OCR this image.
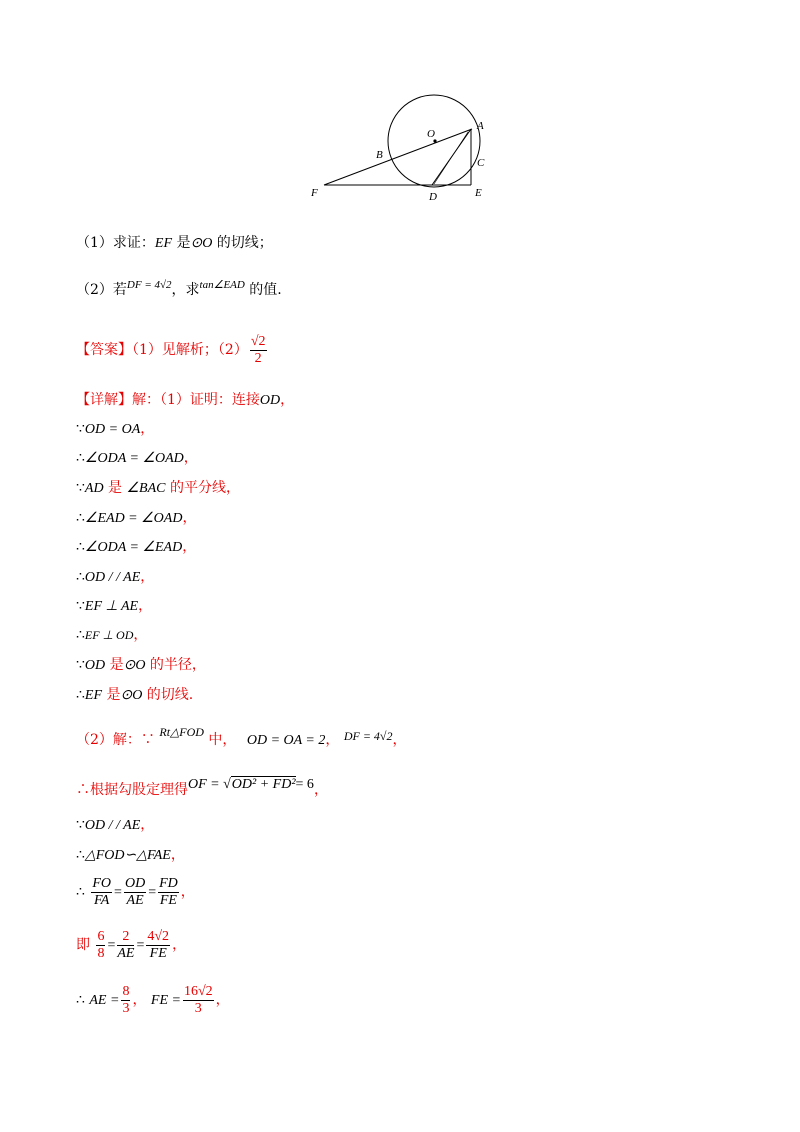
O
A
B
C
D	E
F
（1）求证：EF 是⊙O 的切线；
（2）若$^{DF = 4√2}$，求$^{tan\angle EAD}$ 的值.
【答案】（1）见解析；$(2) \frac{√2}{2}$
【详解】解：（1）证明：连接OD，
∵OD = OA，
∴∠ODA = ∠OAD，
∵AD 是 ∠BAC 的平分线，
∴∠EAD = ∠OAD，
∴∠ODA = ∠EAD，
∴OD / / AE，
∵EF ⊥ AE，
∴EF ⊥ OD，
∵OD 是⊙O 的半径，
∴EF 是⊙O 的切线.
（2）解：∵ Rt△FOD 中， OD = OA = 2， DF = 4√2，
∴根据勾股定理得OF = √OD² + FD²= 6，
∵OD / / AE，
∴△FOD∽△FAE，
∴ $\frac{FO}{FA} = \frac{OD}{AE} = \frac{FD}{FE}$ ，
即 $\frac{6}{8} = \frac{2}{AE} = \frac{4√2}{FE}$ ，
∴ AE = $\frac{8}{3}$ ， FE = $\frac{16√2}{3}$ ，
